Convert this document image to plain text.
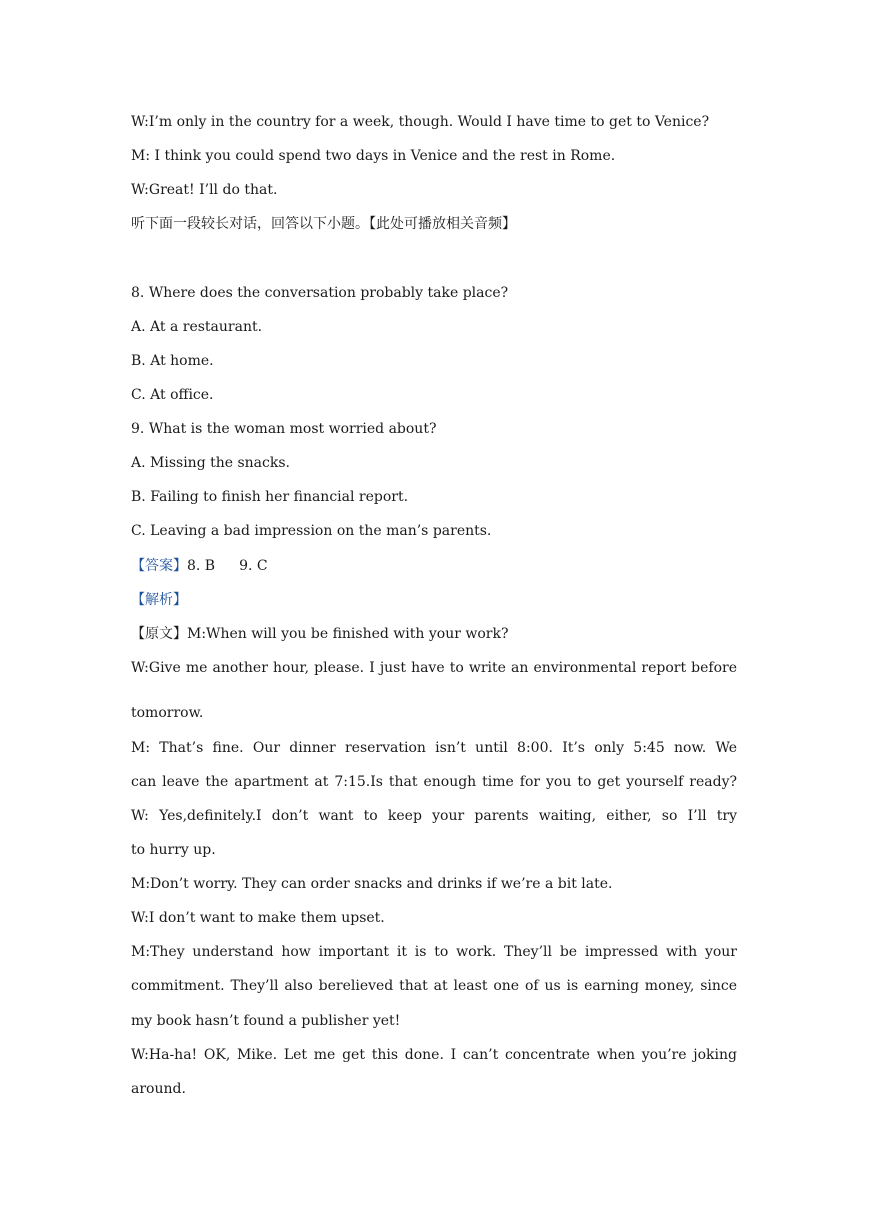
W:I’m only in the country for a week, though. Would I have time to get to Venice?
M: I think you could spend two days in Venice and the rest in Rome.
W:Great! I’ll do that.
听下面一段较长对话，回答以下小题。【此处可播放相关音频】
8. Where does the conversation probably take place?
A. At a restaurant.
B. At home.
C. At office.
9. What is the woman most worried about?
A. Missing the snacks.
B. Failing to finish her financial report.
C. Leaving a bad impression on the man’s parents.
【答案】8. B 9. C
【解析】
【原文】M:When will you be finished with your work?
W:Give me another hour, please. I just have to write an environmental report before
tomorrow.
M: That’s fine. Our dinner reservation isn’t until 8:00. It’s only 5:45 now. We
can leave the apartment at 7:15.Is that enough time for you to get yourself ready?
W: Yes,definitely.I don’t want to keep your parents waiting, either, so I’ll try
to hurry up.
M:Don’t worry. They can order snacks and drinks if we’re a bit late.
W:I don’t want to make them upset.
M:They understand how important it is to work. They’ll be impressed with your
commitment. They’ll also berelieved that at least one of us is earning money, since
my book hasn’t found a publisher yet!
W:Ha-ha! OK, Mike. Let me get this done. I can’t concentrate when you’re joking
around.
